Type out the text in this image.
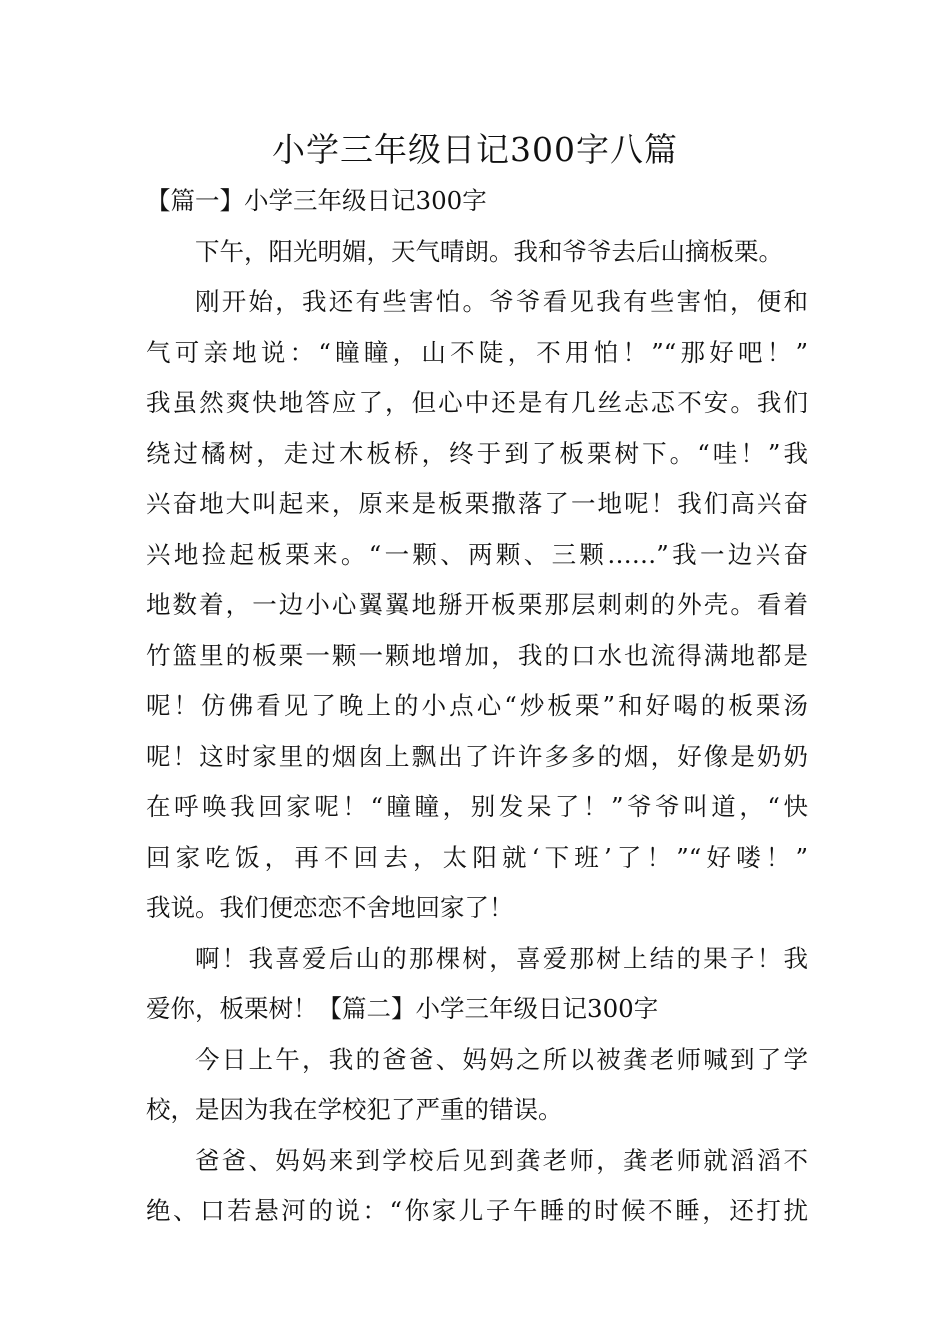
小学三年级日记300字八篇
【篇一】小学三年级日记300字
下午，阳光明媚，天气晴朗。我和爷爷去后山摘板栗。
刚开始，我还有些害怕。爷爷看见我有些害怕，便和
气可亲地说：“瞳瞳，山不陡，不用怕！”“那好吧！”
我虽然爽快地答应了，但心中还是有几丝忐忑不安。我们
绕过橘树，走过木板桥，终于到了板栗树下。“哇！”我
兴奋地大叫起来，原来是板栗撒落了一地呢！我们高兴奋
兴地捡起板栗来。“一颗、两颗、三颗……”我一边兴奋
地数着，一边小心翼翼地掰开板栗那层刺刺的外壳。看着
竹篮里的板栗一颗一颗地增加，我的口水也流得满地都是
呢！仿佛看见了晚上的小点心“炒板栗”和好喝的板栗汤
呢！这时家里的烟囱上飘出了许许多多的烟，好像是奶奶
在呼唤我回家呢！“瞳瞳，别发呆了！”爷爷叫道，“快
回家吃饭，再不回去，太阳就‘下班’了！”“好喽！”
我说。我们便恋恋不舍地回家了！
啊！我喜爱后山的那棵树，喜爱那树上结的果子！我
爱你，板栗树！【篇二】小学三年级日记300字
今日上午，我的爸爸、妈妈之所以被龚老师喊到了学
校，是因为我在学校犯了严重的错误。
爸爸、妈妈来到学校后见到龚老师，龚老师就滔滔不
绝、口若悬河的说：“你家儿子午睡的时候不睡，还打扰
